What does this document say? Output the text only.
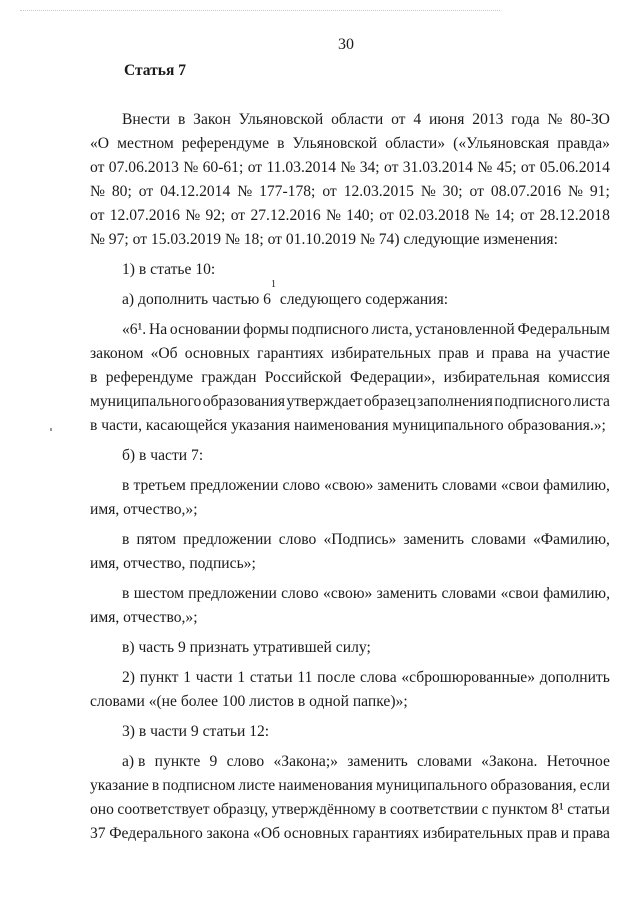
30
Статья 7
Внести в Закон Ульяновской области от 4 июня 2013 года № 80-ЗО
«О местном референдуме в Ульяновской области» («Ульяновская правда»
от 07.06.2013 № 60-61; от 11.03.2014 № 34; от 31.03.2014 № 45; от 05.06.2014
№ 80; от 04.12.2014 № 177-178; от 12.03.2015 № 30; от 08.07.2016 № 91;
от 12.07.2016 № 92; от 27.12.2016 № 140; от 02.03.2018 № 14; от 28.12.2018
№ 97; от 15.03.2019 № 18; от 01.10.2019 № 74) следующие изменения:
1) в статье 10:
а) дополнить частью 6
$^1$
следующего содержания:
«6¹. На основании формы подписного листа, установленной Федеральным
законом «Об основных гарантиях избирательных прав и права на участие
в референдуме граждан Российской Федерации», избирательная комиссия
муниципального образования утверждает образец заполнения подписного листа
в части, касающейся указания наименования муниципального образования.»;
б) в части 7:
в третьем предложении слово «свою» заменить словами «свои фамилию,
имя, отчество,»;
в пятом предложении слово «Подпись» заменить словами «Фамилию,
имя, отчество, подпись»;
в шестом предложении слово «свою» заменить словами «свои фамилию,
имя, отчество,»;
в) часть 9 признать утратившей силу;
2) пункт 1 части 1 статьи 11 после слова «сброшюрованные» дополнить
словами «(не более 100 листов в одной папке)»;
3) в части 9 статьи 12:
а) в пункте 9 слово «Закона;» заменить словами «Закона. Неточное
указание в подписном листе наименования муниципального образования, если
оно соответствует образцу, утверждённому в соответствии с пунктом 8¹ статьи
37 Федерального закона «Об основных гарантиях избирательных прав и права
